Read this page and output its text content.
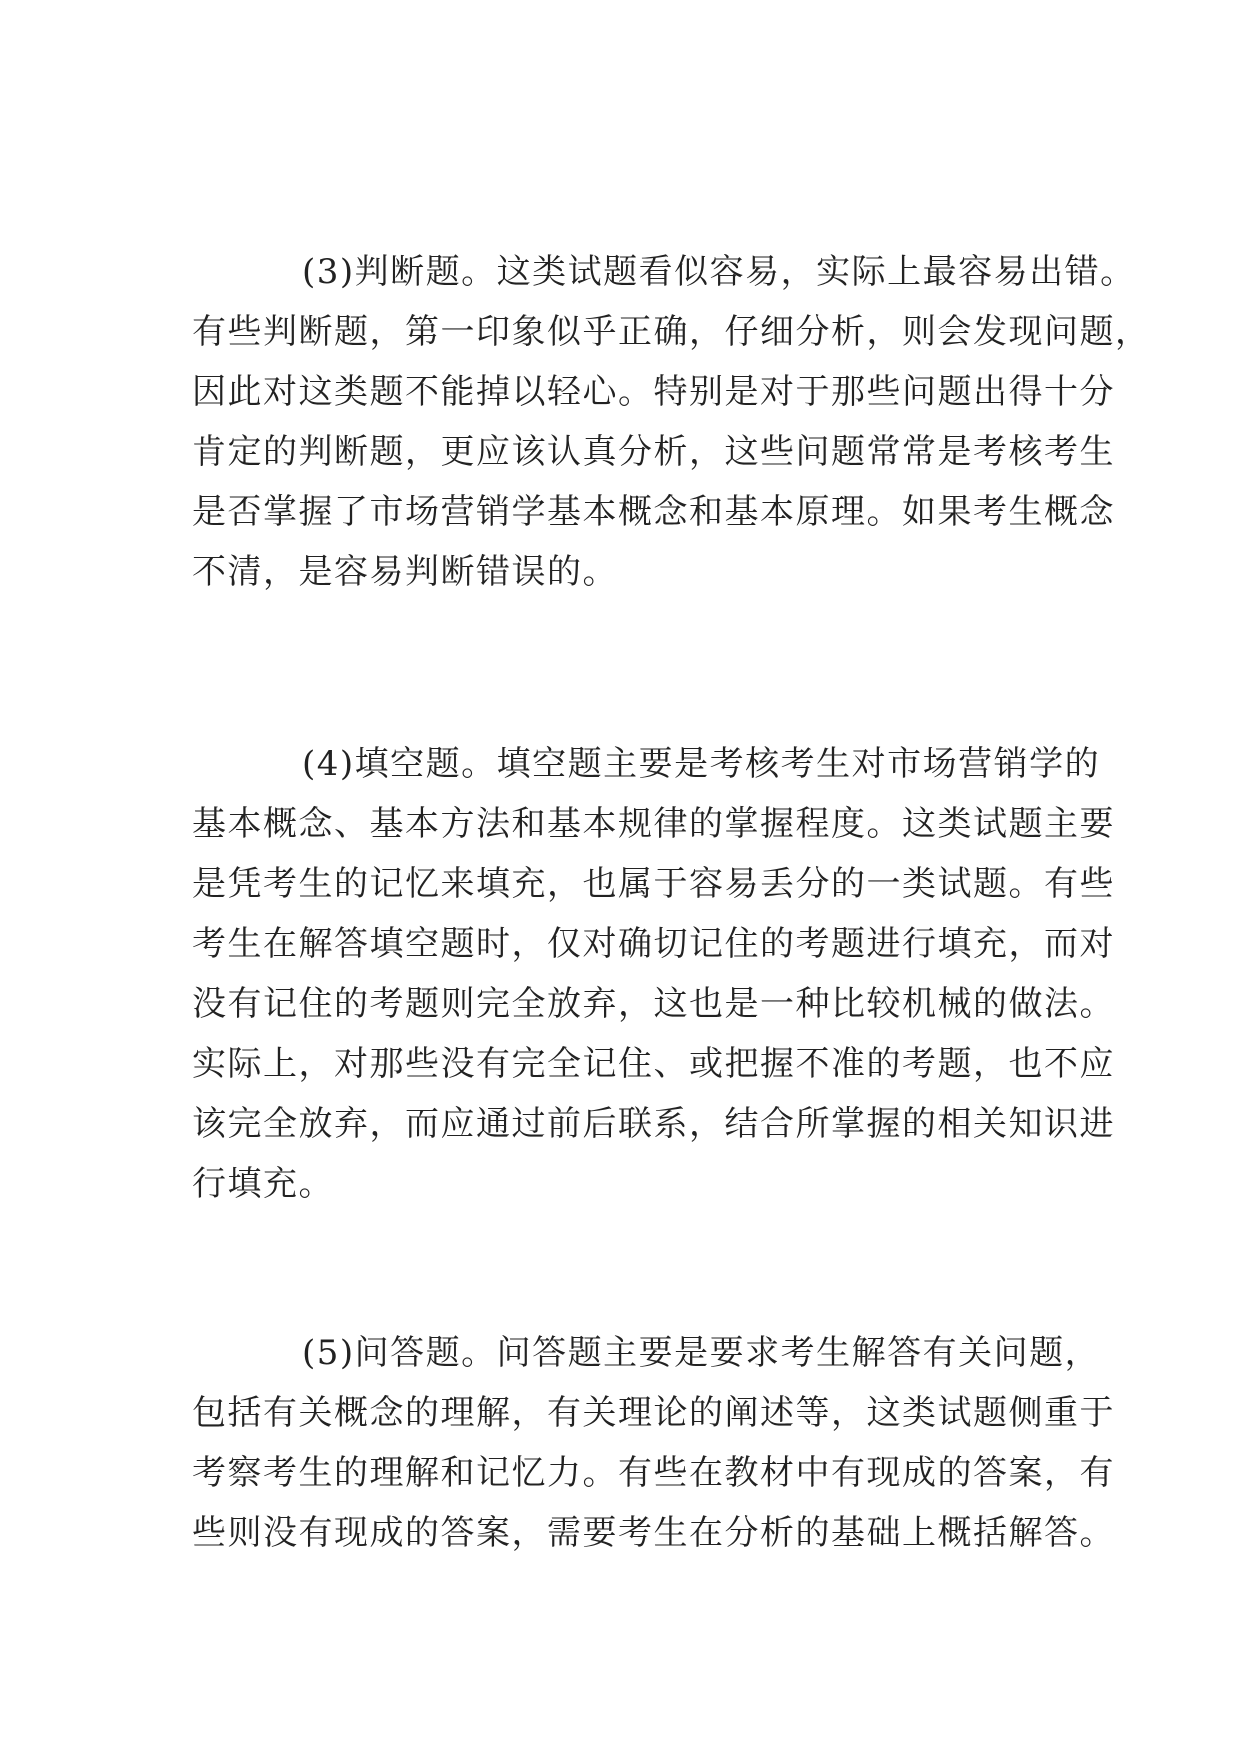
(3)判断题。这类试题看似容易，实际上最容易出错。
有些判断题，第一印象似乎正确，仔细分析，则会发现问题，
因此对这类题不能掉以轻心。特别是对于那些问题出得十分
肯定的判断题，更应该认真分析，这些问题常常是考核考生
是否掌握了市场营销学基本概念和基本原理。如果考生概念
不清，是容易判断错误的。
(4)填空题。填空题主要是考核考生对市场营销学的
基本概念、基本方法和基本规律的掌握程度。这类试题主要
是凭考生的记忆来填充，也属于容易丢分的一类试题。有些
考生在解答填空题时，仅对确切记住的考题进行填充，而对
没有记住的考题则完全放弃，这也是一种比较机械的做法。
实际上，对那些没有完全记住、或把握不准的考题，也不应
该完全放弃，而应通过前后联系，结合所掌握的相关知识进
行填充。
(5)问答题。问答题主要是要求考生解答有关问题，
包括有关概念的理解，有关理论的阐述等，这类试题侧重于
考察考生的理解和记忆力。有些在教材中有现成的答案，有
些则没有现成的答案，需要考生在分析的基础上概括解答。
